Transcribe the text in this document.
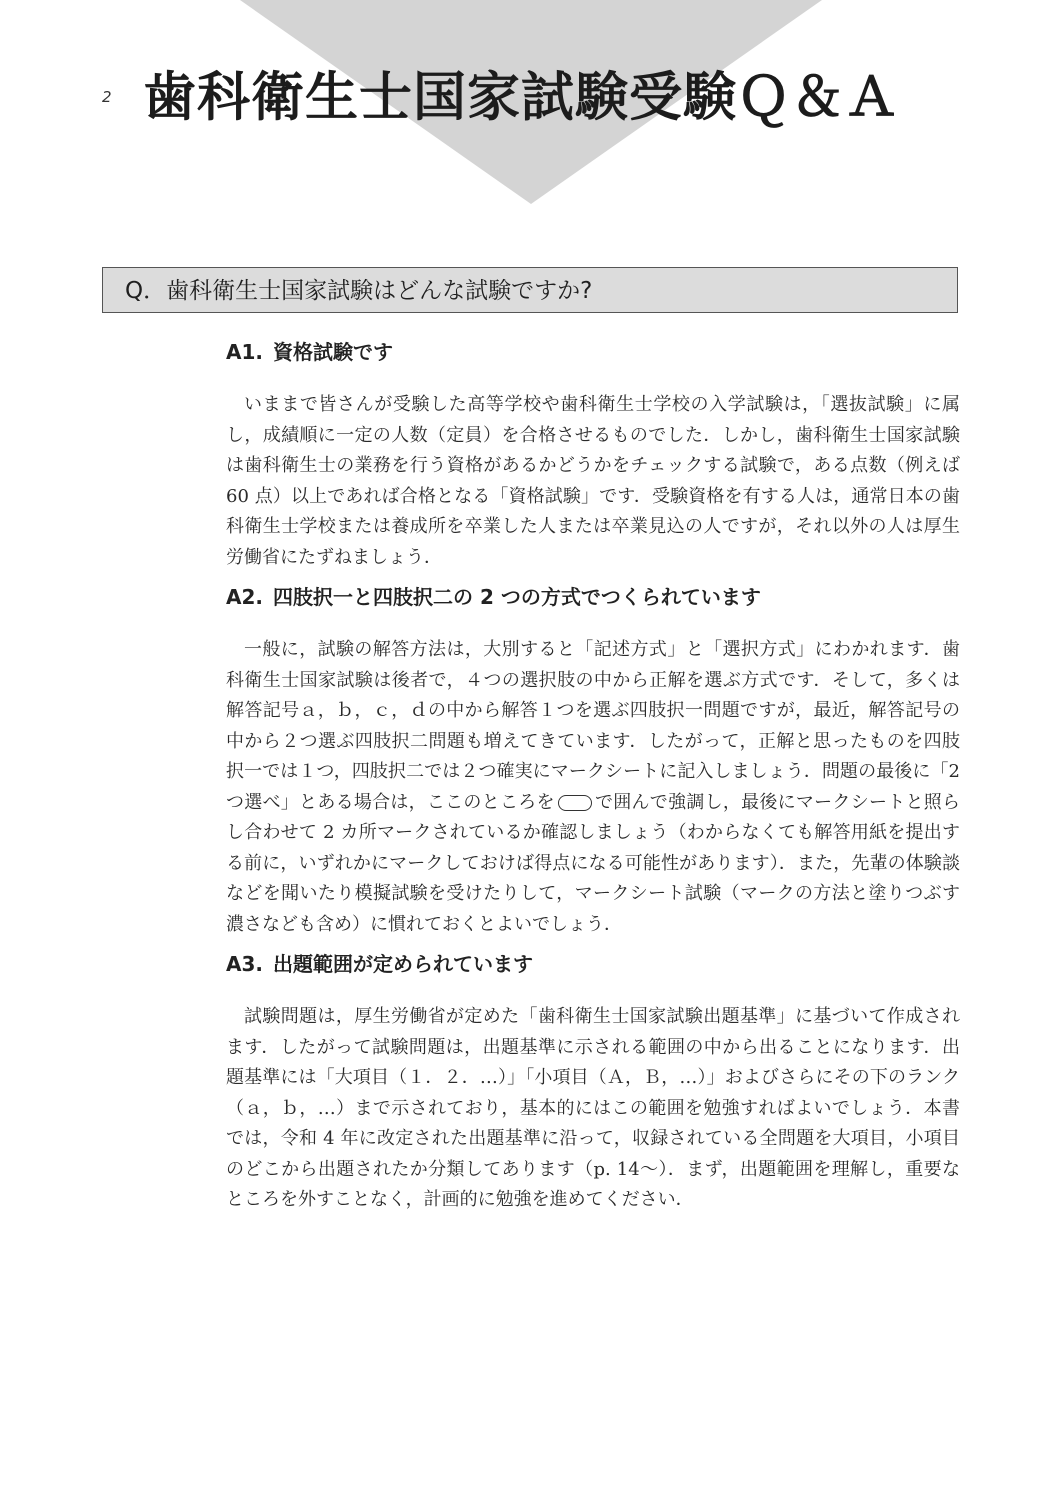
2 歯科衛生士国家試験受験Ｑ＆Ａ
Q．歯科衛生士国家試験はどんな試験ですか?
A1. 資格試験です

いままで皆さんが受験した高等学校や歯科衛生士学校の入学試験は，「選抜試験」に属し，成績順に一定の人数（定員）を合格させるものでした．しかし，歯科衛生士国家試験は歯科衛生士の業務を行う資格があるかどうかをチェックする試験で，ある点数（例えば 60 点）以上であれば合格となる「資格試験」です．受験資格を有する人は，通常日本の歯科衛生士学校または養成所を卒業した人または卒業見込の人ですが，それ以外の人は厚生労働省にたずねましょう．

A2. 四肢択一と四肢択二の 2 つの方式でつくられています

一般に，試験の解答方法は，大別すると「記述方式」と「選択方式」にわかれます．歯科衛生士国家試験は後者で，４つの選択肢の中から正解を選ぶ方式です．そして，多くは解答記号ａ，ｂ，ｃ，ｄの中から解答１つを選ぶ四肢択一問題ですが，最近，解答記号の中から２つ選ぶ四肢択二問題も増えてきています．したがって，正解と思ったものを四肢択一では１つ，四肢択二では２つ確実にマークシートに記入しましょう．問題の最後に「2 つ選べ」とある場合は，ここのところを で囲んで強調し，最後にマークシートと照らし合わせて 2 カ所マークされているか確認しましょう（わからなくても解答用紙を提出する前に，いずれかにマークしておけば得点になる可能性があります）．また，先輩の体験談などを聞いたり模擬試験を受けたりして，マークシート試験（マークの方法と塗りつぶす濃さなども含め）に慣れておくとよいでしょう．

A3. 出題範囲が定められています

試験問題は，厚生労働省が定めた「歯科衛生士国家試験出題基準」に基づいて作成されます．したがって試験問題は，出題基準に示される範囲の中から出ることになります．出題基準には「大項目（１．２．…）」「小項目（Ａ，Ｂ，…）」およびさらにその下のランク（ａ，ｂ，…）まで示されており，基本的にはこの範囲を勉強すればよいでしょう．本書では，令和 4 年に改定された出題基準に沿って，収録されている全問題を大項目，小項目のどこから出題されたか分類してあります（p. 14〜）．まず，出題範囲を理解し，重要なところを外すことなく，計画的に勉強を進めてください．
